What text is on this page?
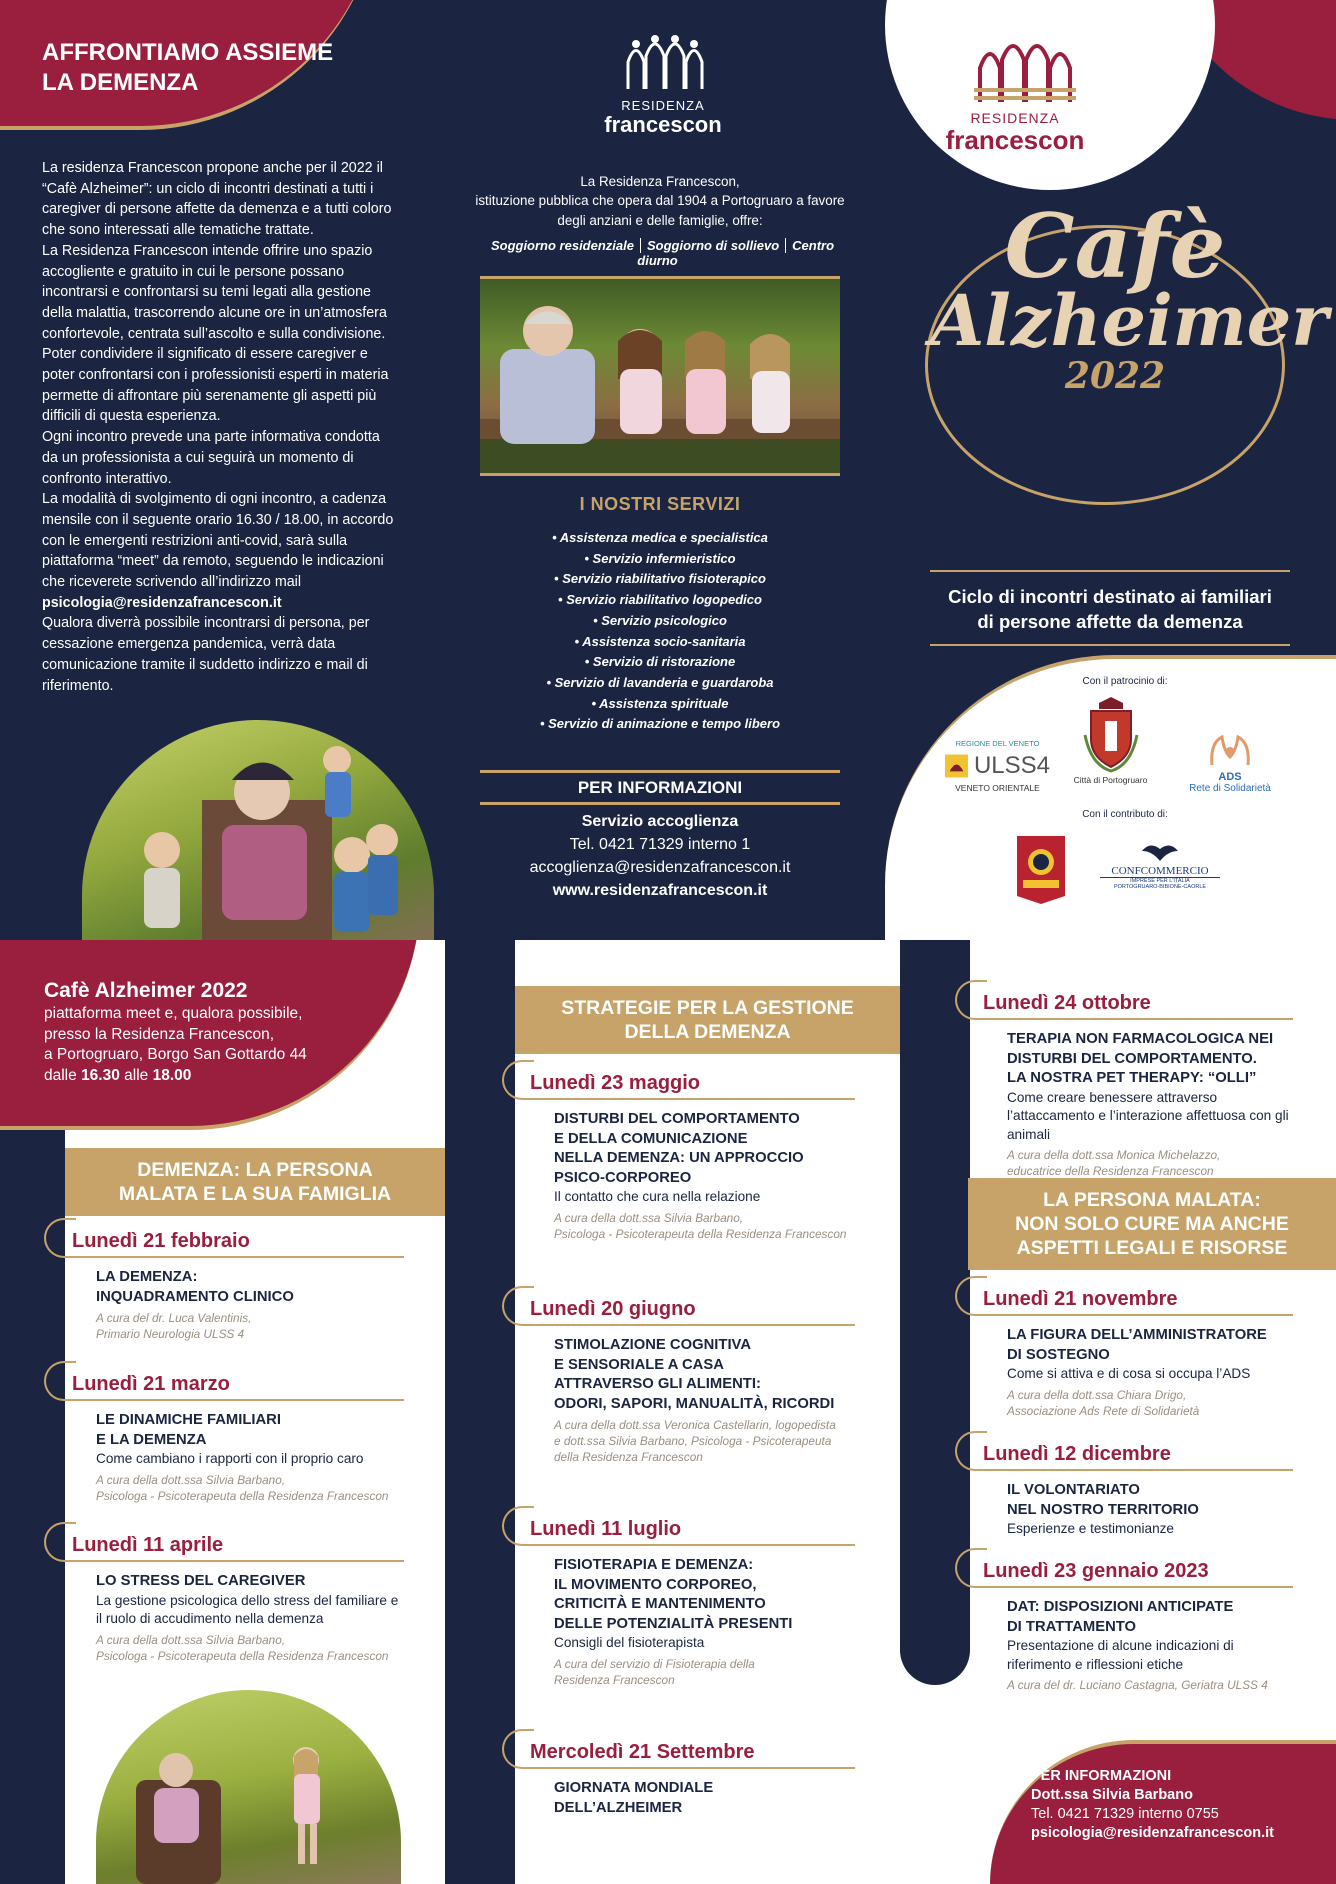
AFFRONTIAMO ASSIEME
LA DEMENZA

La residenza Francescon propone anche per il 2022 il “Cafè Alzheimer”: un ciclo di incontri destinati a tutti i caregiver di persone affette da demenza e a tutti coloro che sono interessati alle tematiche trattate.

La Residenza Francescon intende offrire uno spazio accogliente e gratuito in cui le persone possano incontrarsi e confrontarsi su temi legati alla gestione della malattia, trascorrendo alcune ore in un’atmosfera confortevole, centrata sull’ascolto e sulla condivisione.

Poter condividere il significato di essere caregiver e poter confrontarsi con i professionisti esperti in materia permette di affrontare più serenamente gli aspetti più difficili di questa esperienza.

Ogni incontro prevede una parte informativa condotta da un professionista a cui seguirà un momento di confronto interattivo.

La modalità di svolgimento di ogni incontro, a cadenza mensile con il seguente orario 16.30 / 18.00, in accordo con le emergenti restrizioni anti-covid, sarà sulla piattaforma “meet” da remoto, seguendo le indicazioni che riceverete scrivendo all’indirizzo mail

psicologia@residenzafrancescon.it

Qualora diverrà possibile incontrarsi di persona, per cessazione emergenza pandemica, verrà data comunicazione tramite il suddetto indirizzo e mail di riferimento.

RESIDENZA
francescon
La Residenza Francescon,
istituzione pubblica che opera dal 1904 a Portogruaro a favore
degli anziani e delle famiglie, offre:
Soggiorno residenziale Soggiorno di sollievo Centro diurno
I NOSTRI SERVIZI
• Assistenza medica e specialistica
• Servizio infermieristico
• Servizio riabilitativo fisioterapico
• Servizio riabilitativo logopedico
• Servizio psicologico
• Assistenza socio-sanitaria
• Servizio di ristorazione
• Servizio di lavanderia e guardaroba
• Assistenza spirituale
• Servizio di animazione e tempo libero
PER INFORMAZIONI
Servizio accoglienza
Tel. 0421 71329 interno 1
accoglienza@residenzafrancescon.it
www.residenzafrancescon.it
RESIDENZA
francescon
Cafè
Alzheimer
2022
Ciclo di incontri destinato ai familiari
di persone affette da demenza
Con il patrocinio di:
REGIONE DEL VENETO
ULSS4
VENETO ORIENTALE
Città di Portogruaro	ADS
Rete di Solidarietà
Con il contributo di:
CONFCOMMERCIO
IMPRESE PER L'ITALIA
PORTOGRUARO-BIBIONE-CAORLE
Cafè Alzheimer 2022
piattaforma meet e, qualora possibile,
presso la Residenza Francescon,
a Portogruaro, Borgo San Gottardo 44
dalle 16.30 alle 18.00
DEMENZA: LA PERSONA
MALATA E LA SUA FAMIGLIA
Lunedì 21 febbraio
LA DEMENZA:
INQUADRAMENTO CLINICO
A cura del dr. Luca Valentinis,
Primario Neurologia ULSS 4
Lunedì 21 marzo
LE DINAMICHE FAMILIARI
E LA DEMENZA
Come cambiano i rapporti con il proprio caro
A cura della dott.ssa Silvia Barbano,
Psicologa - Psicoterapeuta della Residenza Francescon
Lunedì 11 aprile
LO STRESS DEL CAREGIVER
La gestione psicologica dello stress del familiare e il ruolo di accudimento nella demenza
A cura della dott.ssa Silvia Barbano,
Psicologa - Psicoterapeuta della Residenza Francescon
STRATEGIE PER LA GESTIONE
DELLA DEMENZA
Lunedì 23 maggio
DISTURBI DEL COMPORTAMENTO
E DELLA COMUNICAZIONE
NELLA DEMENZA: UN APPROCCIO
PSICO-CORPOREO
Il contatto che cura nella relazione
A cura della dott.ssa Silvia Barbano,
Psicologa - Psicoterapeuta della Residenza Francescon
Lunedì 20 giugno
STIMOLAZIONE COGNITIVA
E SENSORIALE A CASA
ATTRAVERSO GLI ALIMENTI:
ODORI, SAPORI, MANUALITÀ, RICORDI
A cura della dott.ssa Veronica Castellarin, logopedista
e dott.ssa Silvia Barbano, Psicologa - Psicoterapeuta
della Residenza Francescon
Lunedì 11 luglio
FISIOTERAPIA E DEMENZA:
IL MOVIMENTO CORPOREO,
CRITICITÀ E MANTENIMENTO
DELLE POTENZIALITÀ PRESENTI
Consigli del fisioterapista
A cura del servizio di Fisioterapia della
Residenza Francescon
Mercoledì 21 Settembre
GIORNATA MONDIALE
DELL’ALZHEIMER
Lunedì 24 ottobre
TERAPIA NON FARMACOLOGICA NEI
DISTURBI DEL COMPORTAMENTO.
LA NOSTRA PET THERAPY: “OLLI”
Come creare benessere attraverso l’attaccamento e l’interazione affettuosa con gli animali
A cura della dott.ssa Monica Michelazzo,
educatrice della Residenza Francescon
LA PERSONA MALATA:
NON SOLO CURE MA ANCHE
ASPETTI LEGALI E RISORSE
Lunedì 21 novembre
LA FIGURA DELL’AMMINISTRATORE
DI SOSTEGNO
Come si attiva e di cosa si occupa l’ADS
A cura della dott.ssa Chiara Drigo,
Associazione Ads Rete di Solidarietà
Lunedì 12 dicembre
IL VOLONTARIATO
NEL NOSTRO TERRITORIO
Esperienze e testimonianze
Lunedì 23 gennaio 2023
DAT: DISPOSIZIONI ANTICIPATE
DI TRATTAMENTO
Presentazione di alcune indicazioni di riferimento e riflessioni etiche
A cura del dr. Luciano Castagna, Geriatra ULSS 4
PER INFORMAZIONI
Dott.ssa Silvia Barbano
Tel. 0421 71329 interno 0755
psicologia@residenzafrancescon.it
